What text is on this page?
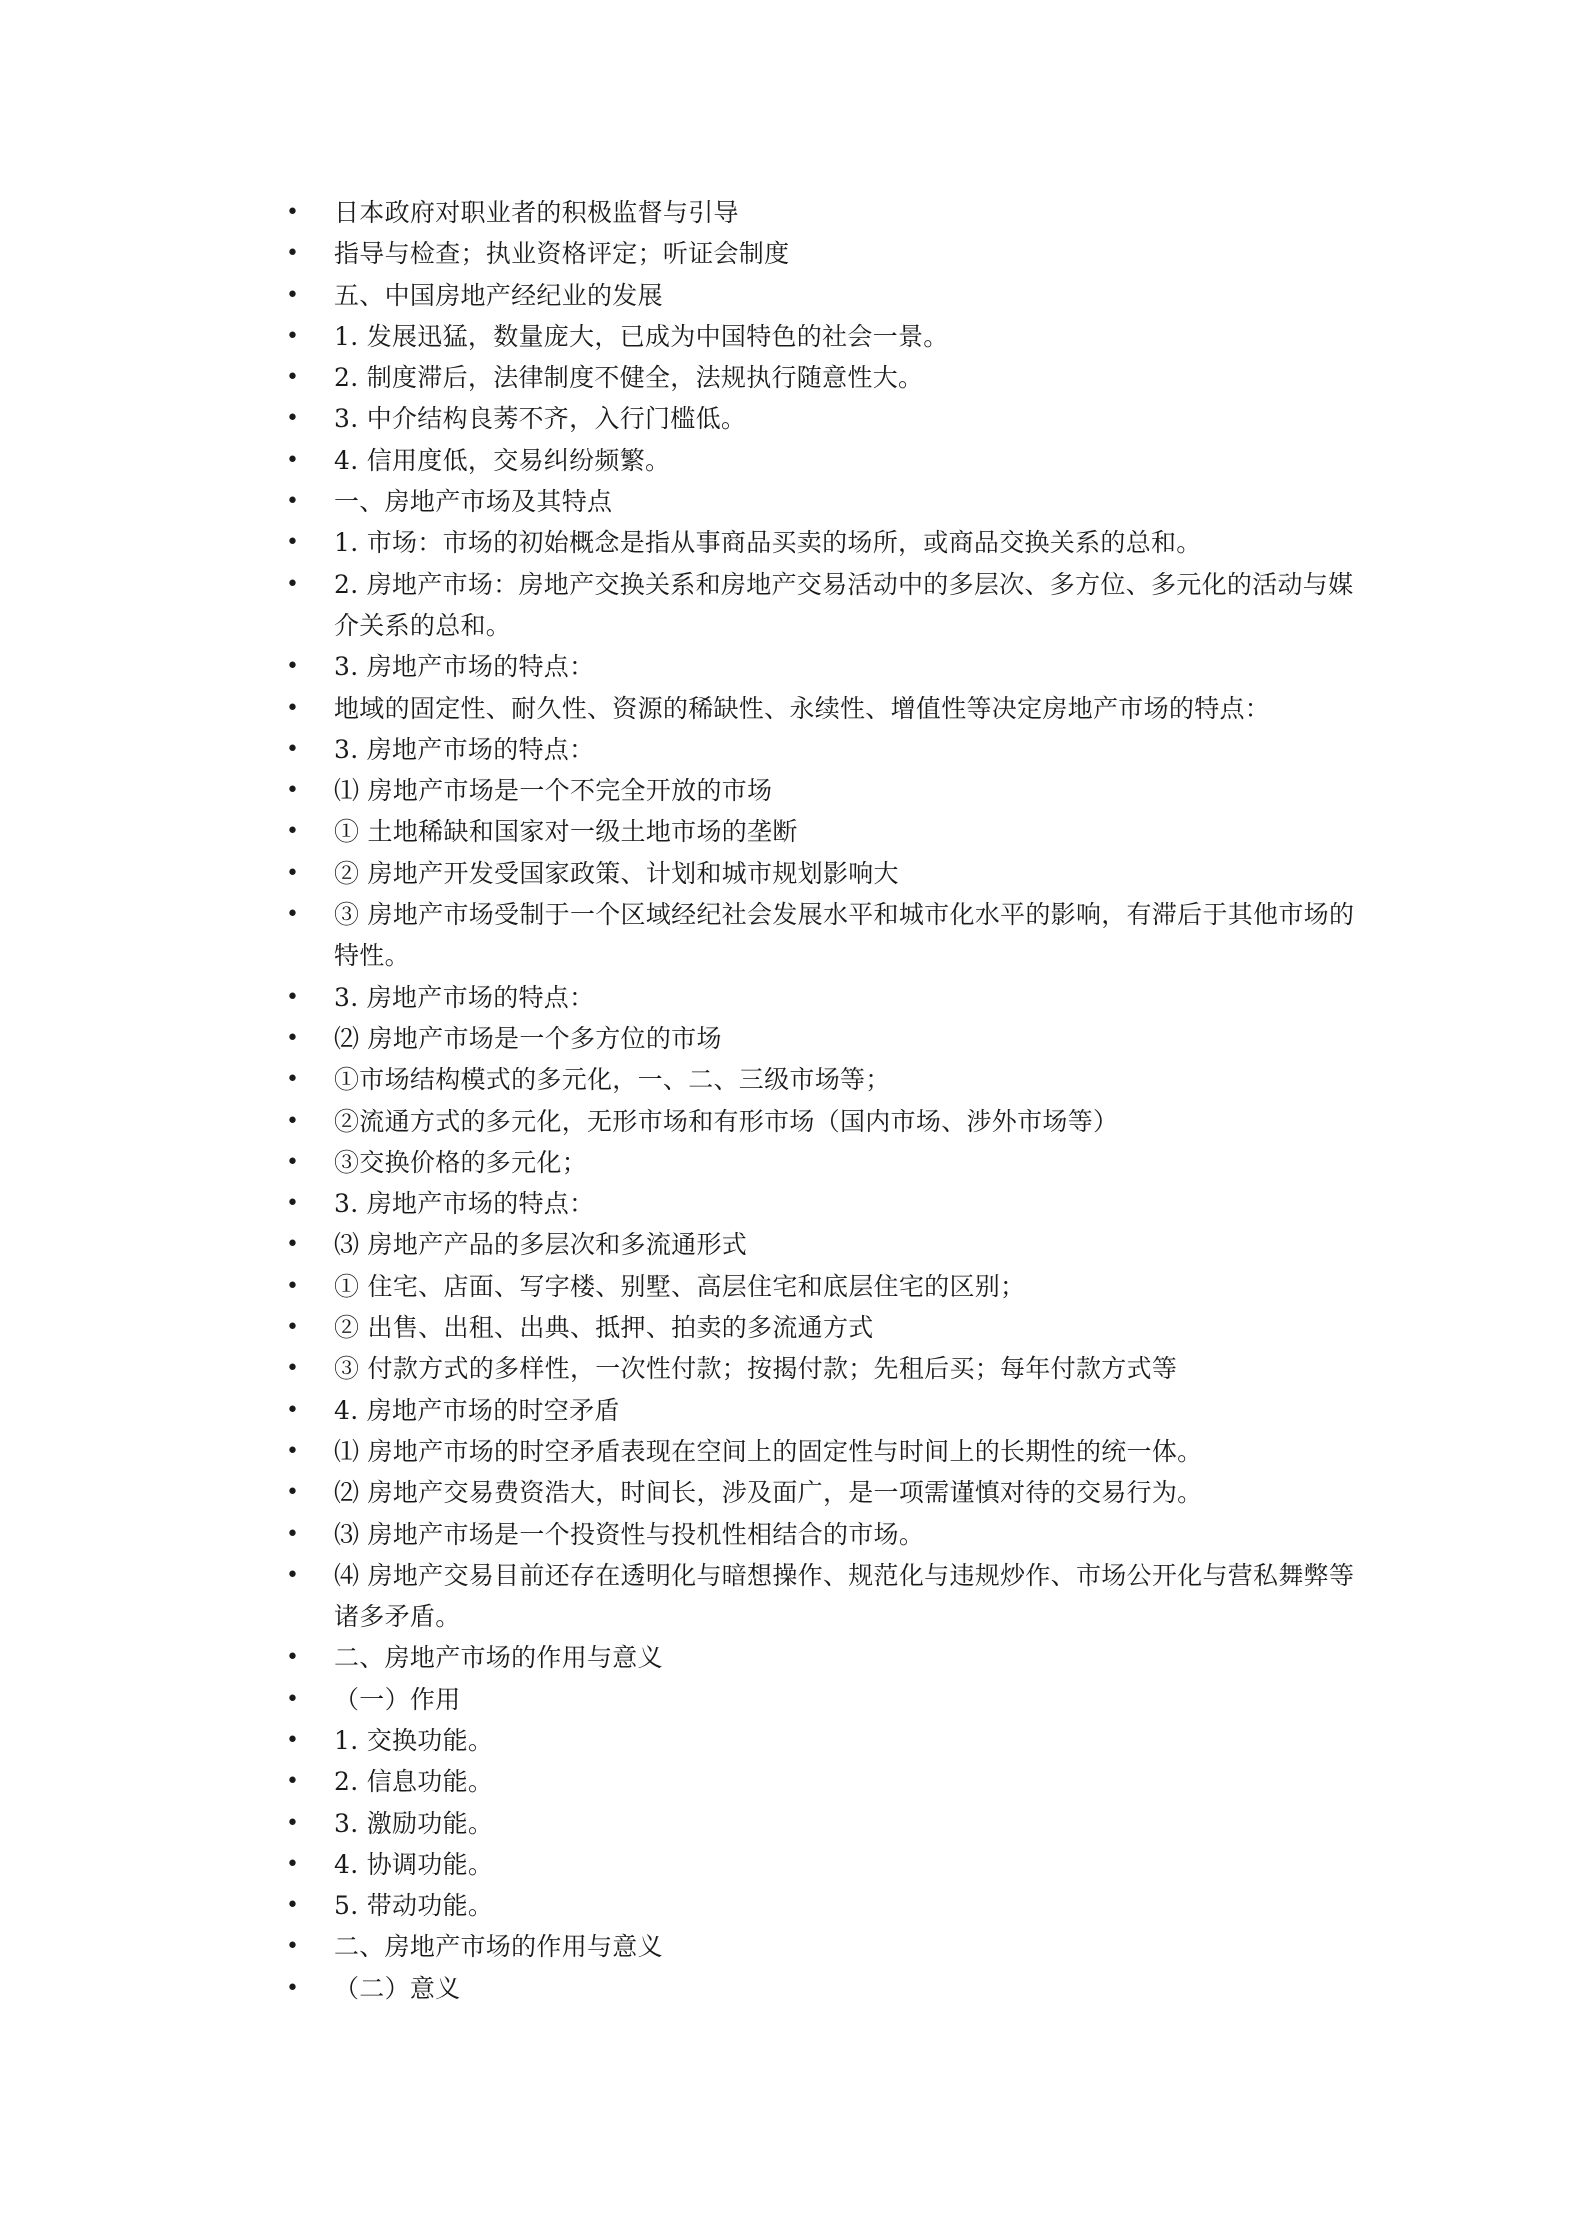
• 日本政府对职业者的积极监督与引导
• 指导与检查；执业资格评定；听证会制度
• 五、中国房地产经纪业的发展
• 1. 发展迅猛，数量庞大，已成为中国特色的社会一景。
• 2. 制度滞后，法律制度不健全，法规执行随意性大。
• 3. 中介结构良莠不齐，入行门槛低。
• 4. 信用度低，交易纠纷频繁。
• 一、房地产市场及其特点
• 1. 市场：市场的初始概念是指从事商品买卖的场所，或商品交换关系的总和。
• 2. 房地产市场：房地产交换关系和房地产交易活动中的多层次、多方位、多元化的活动与媒介关系的总和。
• 3. 房地产市场的特点：
• 地域的固定性、耐久性、资源的稀缺性、永续性、增值性等决定房地产市场的特点：
• 3. 房地产市场的特点：
• ⑴ 房地产市场是一个不完全开放的市场
• ① 土地稀缺和国家对一级土地市场的垄断
• ② 房地产开发受国家政策、计划和城市规划影响大
• ③ 房地产市场受制于一个区域经纪社会发展水平和城市化水平的影响，有滞后于其他市场的特性。
• 3. 房地产市场的特点：
• ⑵ 房地产市场是一个多方位的市场
• ①市场结构模式的多元化，一、二、三级市场等；
• ②流通方式的多元化，无形市场和有形市场（国内市场、涉外市场等）
• ③交换价格的多元化；
• 3. 房地产市场的特点：
• ⑶ 房地产产品的多层次和多流通形式
• ① 住宅、店面、写字楼、别墅、高层住宅和底层住宅的区别；
• ② 出售、出租、出典、抵押、拍卖的多流通方式
• ③ 付款方式的多样性，一次性付款；按揭付款；先租后买；每年付款方式等
• 4. 房地产市场的时空矛盾
• ⑴ 房地产市场的时空矛盾表现在空间上的固定性与时间上的长期性的统一体。
• ⑵ 房地产交易费资浩大，时间长，涉及面广，是一项需谨慎对待的交易行为。
• ⑶ 房地产市场是一个投资性与投机性相结合的市场。
• ⑷ 房地产交易目前还存在透明化与暗想操作、规范化与违规炒作、市场公开化与营私舞弊等诸多矛盾。
• 二、房地产市场的作用与意义
• （一）作用
• 1. 交换功能。
• 2. 信息功能。
• 3. 激励功能。
• 4. 协调功能。
• 5. 带动功能。
• 二、房地产市场的作用与意义
• （二）意义
